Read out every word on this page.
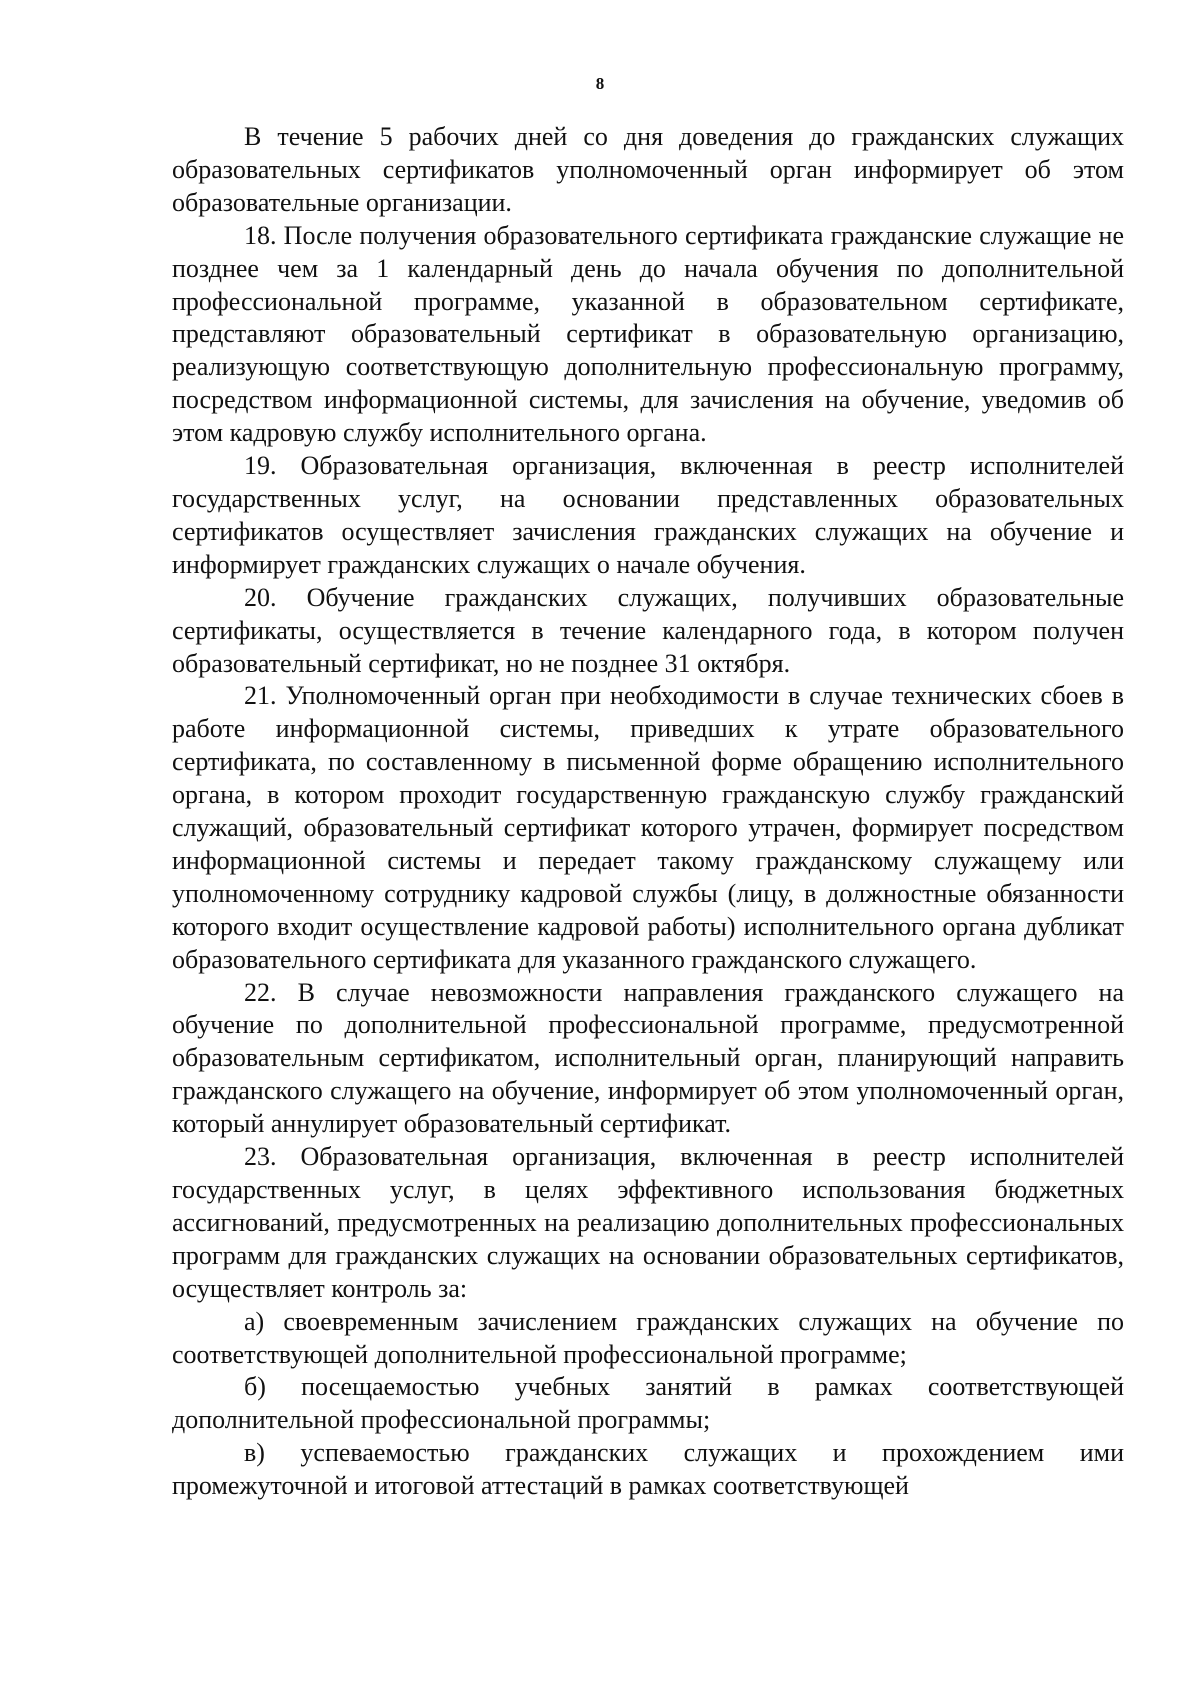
8

В течение 5 рабочих дней со дня доведения до гражданских служащих образовательных сертификатов уполномоченный орган информирует об этом образовательные организации.

18. После получения образовательного сертификата гражданские служащие не позднее чем за 1 календарный день до начала обучения по дополнительной профессиональной программе, указанной в образовательном сертификате, представляют образовательный сертификат в образовательную организацию, реализующую соответствующую дополнительную профессиональную программу, посредством информационной системы, для зачисления на обучение, уведомив об этом кадровую службу исполнительного органа.

19. Образовательная организация, включенная в реестр исполнителей государственных услуг, на основании представленных образовательных сертификатов осуществляет зачисления гражданских служащих на обучение и информирует гражданских служащих о начале обучения.

20. Обучение гражданских служащих, получивших образовательные сертификаты, осуществляется в течение календарного года, в котором получен образовательный сертификат, но не позднее 31 октября.

21. Уполномоченный орган при необходимости в случае технических сбоев в работе информационной системы, приведших к утрате образовательного сертификата, по составленному в письменной форме обращению исполнительного органа, в котором проходит государственную гражданскую службу гражданский служащий, образовательный сертификат которого утрачен, формирует посредством информационной системы и передает такому гражданскому служащему или уполномоченному сотруднику кадровой службы (лицу, в должностные обязанности которого входит осуществление кадровой работы) исполнительного органа дубликат образовательного сертификата для указанного гражданского служащего.

22. В случае невозможности направления гражданского служащего на обучение по дополнительной профессиональной программе, предусмотренной образовательным сертификатом, исполнительный орган, планирующий направить гражданского служащего на обучение, информирует об этом уполномоченный орган, который аннулирует образовательный сертификат.

23. Образовательная организация, включенная в реестр исполнителей государственных услуг, в целях эффективного использования бюджетных ассигнований, предусмотренных на реализацию дополнительных профессиональных программ для гражданских служащих на основании образовательных сертификатов, осуществляет контроль за:

а) своевременным зачислением гражданских служащих на обучение по соответствующей дополнительной профессиональной программе;

б) посещаемостью учебных занятий в рамках соответствующей дополнительной профессиональной программы;

в) успеваемостью гражданских служащих и прохождением ими промежуточной и итоговой аттестаций в рамках соответствующей
